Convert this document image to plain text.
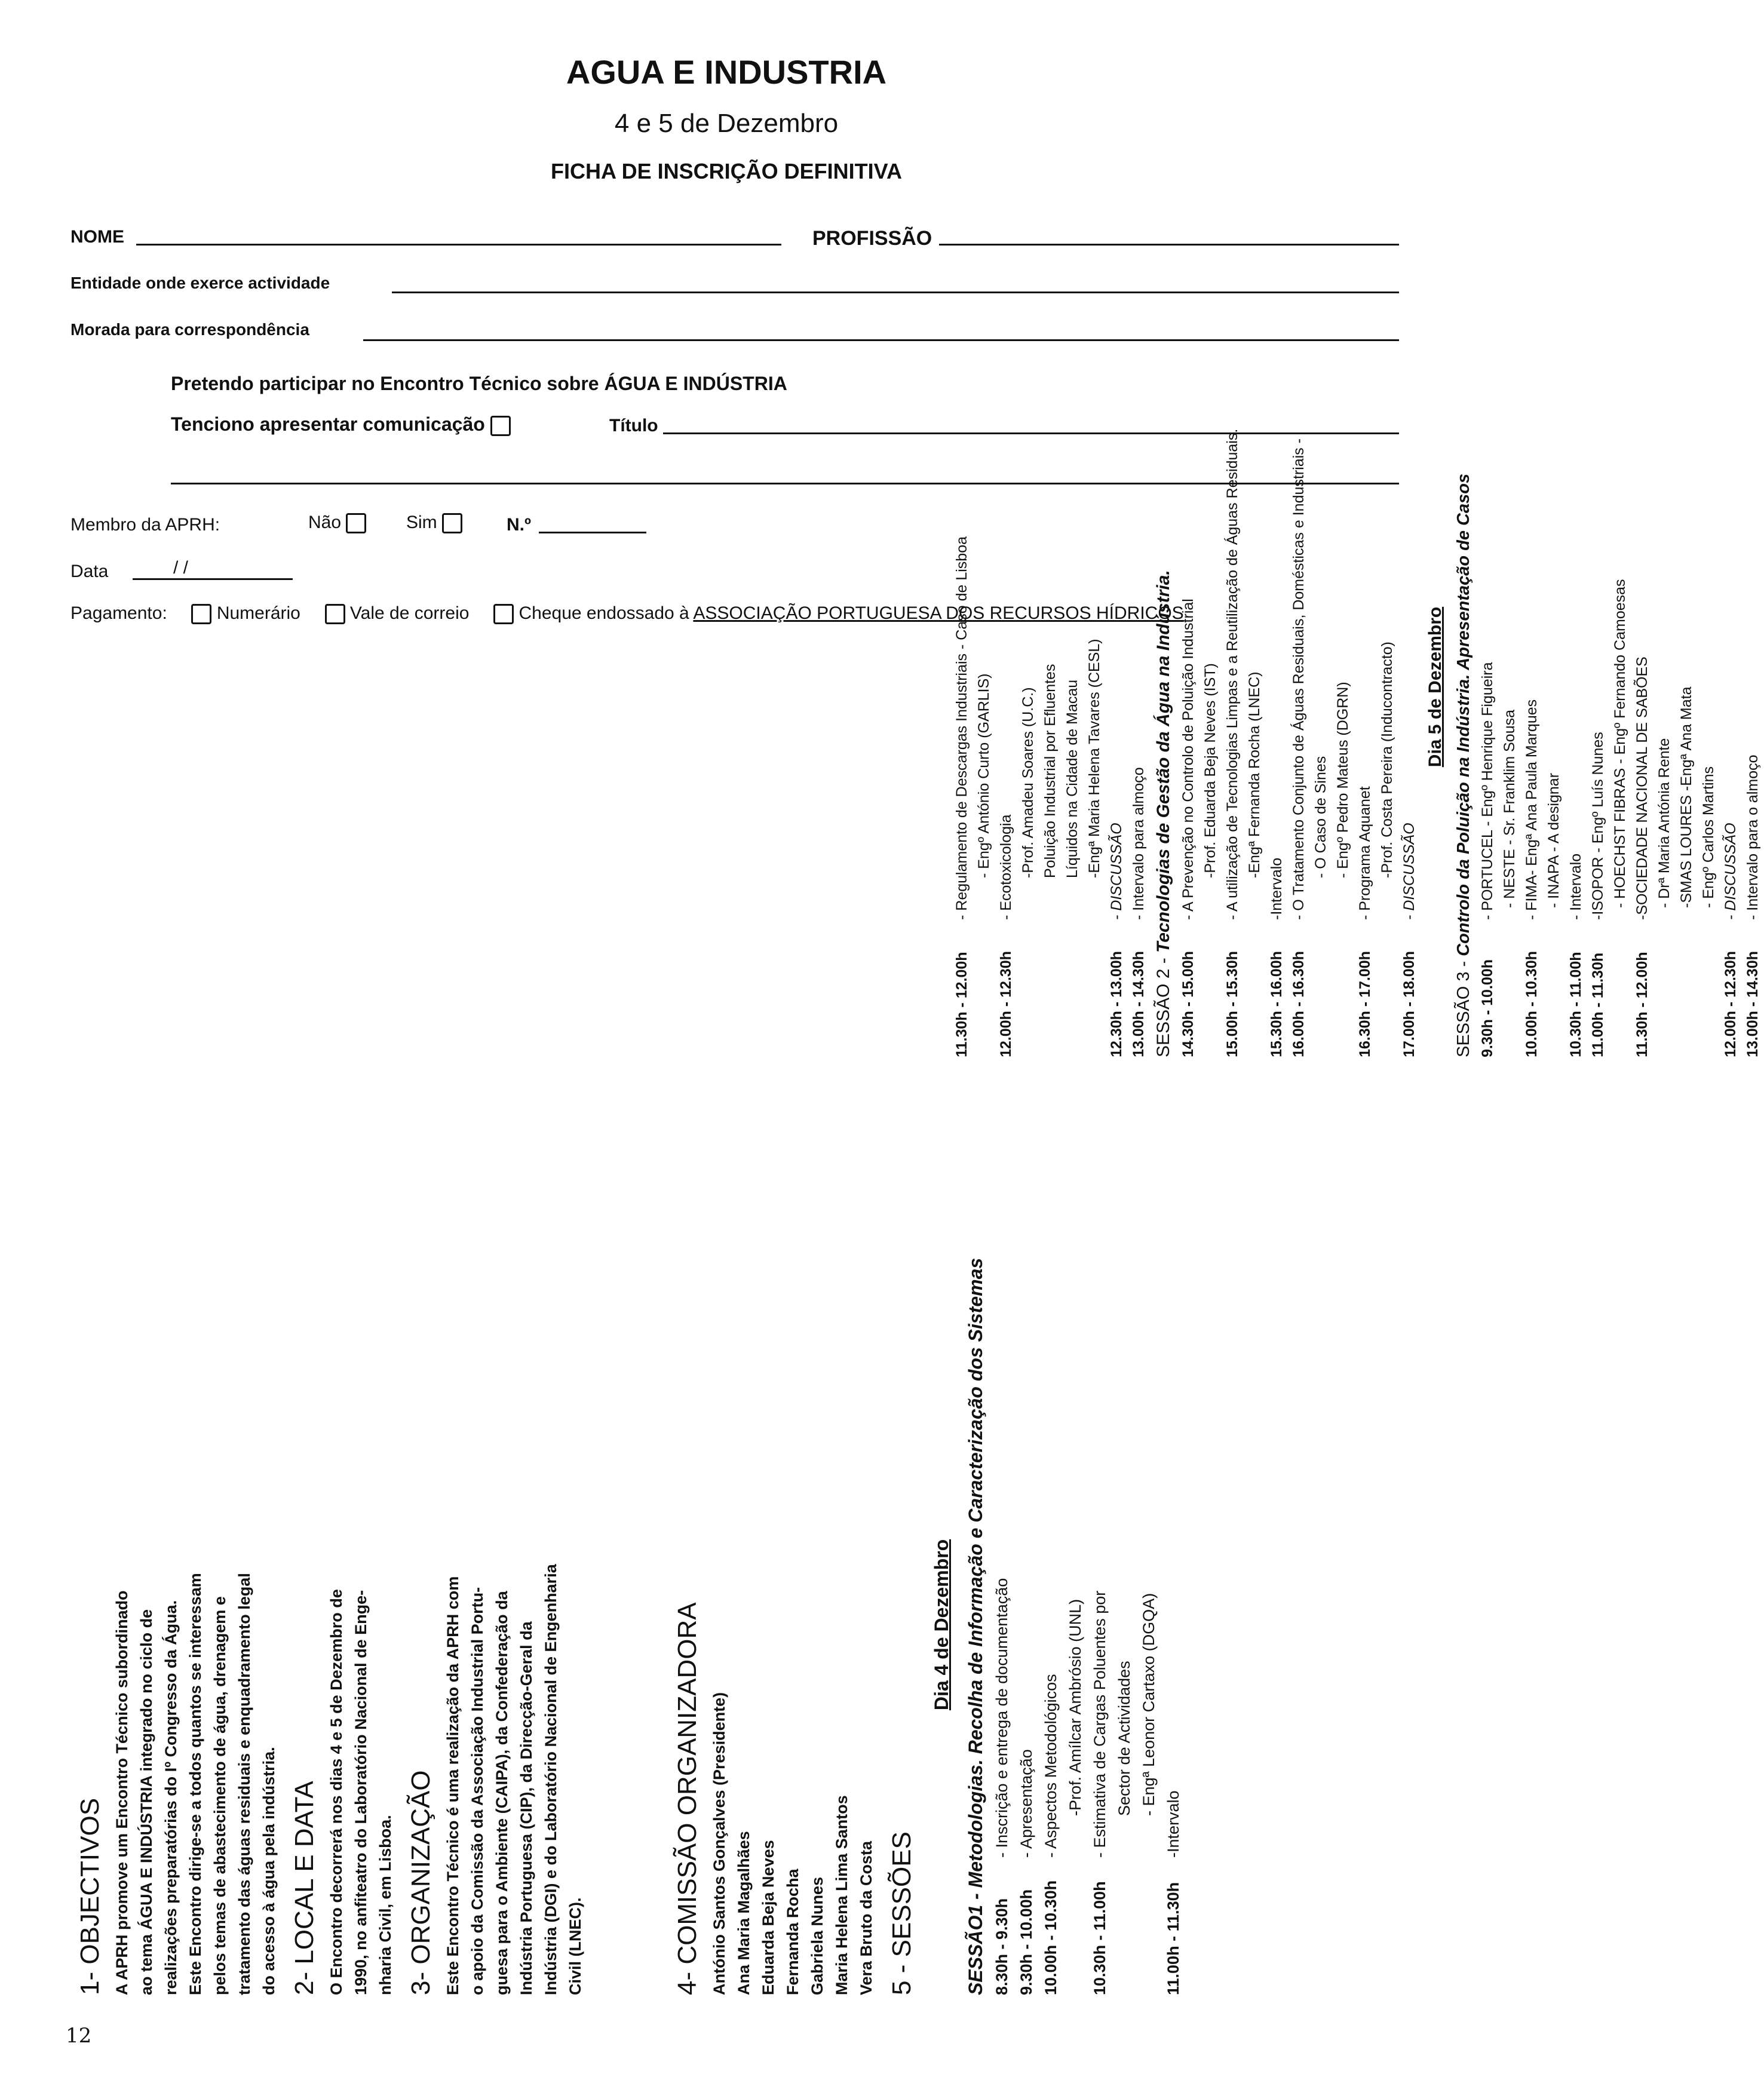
AGUA E INDUSTRIA
4 e 5 de Dezembro
FICHA DE INSCRIÇÃO DEFINITIVA
NOME	PROFISSÃO
Entidade onde exerce actividade
Morada para correspondência
Pretendo participar no Encontro Técnico sobre ÁGUA E INDÚSTRIA
Tenciono apresentar comunicação	Título
Membro da APRH:	Não	Sim	N.º
Data	/ /
Pagamento:	Numerário	Vale de correio	Cheque endossado à ASSOCIAÇÃO PORTUGUESA DOS RECURSOS HÍDRICOS
1- OBJECTIVOS A APRH promove um Encontro Técnico subordinado ao tema ÁGUA E INDÚSTRIA integrado no ciclo de realizações preparatórias do Iº Congresso da Água. Este Encontro dirige-se a todos quantos se interessam pelos temas de abastecimento de água, drenagem e tratamento das águas residuais e enquadramento legal do acesso à água pela indústria. 2- LOCAL E DATA O Encontro decorrerá nos dias 4 e 5 de Dezembro de 1990, no anfiteatro do Laboratório Nacional de Enge- nharia Civil, em Lisboa. 3- ORGANIZAÇÃO Este Encontro Técnico é uma realização da APRH com o apoio da Comissão da Associação Industrial Portu- guesa para o Ambiente (CAIPA), da Confederação da Indústria Portuguesa (CIP), da Direcção-Geral da Indústria (DGI) e do Laboratório Nacional de Engenharia Civil (LNEC).	4- COMISSÃO ORGANIZADORA António Santos Gonçalves (Presidente) Ana Maria Magalhães Eduarda Beja Neves Fernanda Rocha Gabriela Nunes Maria Helena Lima Santos Vera Bruto da Costa 5 - SESSÕES
Dia 4 de Dezembro SESSÃO1 - Metodologias. Recolha de Informação e Caracterização dos Sistemas 8.30h - 9.30h- Inscrição e entrega de documentação
9.30h - 10.00h- Apresentação
10.00h - 10.30h- Aspectos Metodológicos -Prof. Amílcar Ambrósio (UNL)
10.30h - 11.00h- Estimativa de Cargas Poluentes por Sector de Actividades - Engª Leonor Cartaxo (DGQA)
11.00h - 11.30h-Intervalo
11.30h - 12.00h- Regulamento de Descargas Industriais - Caso de Lisboa - Engº António Curto (GARLIS)
12.00h - 12.30h- Ecotoxicologia -Prof. Amadeu Soares (U.C.) Poluição Industrial por Efluentes Líquidos na Cidade de Macau -Engª Maria Helena Tavares (CESL)
12.30h - 13.00h- DISCUSSÃO
13.00h - 14.30h- Intervalo para almoço
SESSÃO 2 - Tecnologias de Gestão da Água na Indústria.
14.30h - 15.00h- A Prevenção no Controlo de Poluição Industrial -Prof. Eduarda Beja Neves (IST)
15.00h - 15.30h- A utilização de Tecnologias Limpas e a Reutilização de Águas Residuais. -Engª Fernanda Rocha (LNEC)
15.30h - 16.00h-Intervalo
16.00h - 16.30h- O Tratamento Conjunto de Águas Residuais, Domésticas e Industriais - - O Caso de Sines - Engº Pedro Mateus (DGRN)
16.30h - 17.00h- Programa Aquanet -Prof. Costa Pereira (Inducontracto)
17.00h - 18.00h- DISCUSSÃO
Dia 5 de Dezembro
SESSÃO 3 - Controlo da Poluição na Indústria. Apresentação de Casos
9.30h - 10.00h- PORTUCEL - Engº Henrique Figueira - NESTE - Sr. Franklim Sousa
10.00h - 10.30h- FIMA- Engª Ana Paula Marques - INAPA - A designar
10.30h - 11.00h- Intervalo
11.00h - 11.30h-ISOPOR - Engº Luís Nunes - HOECHST FIBRAS - Engº Fernando Camoesas
11.30h - 12.00h-SOCIEDADE NACIONAL DE SABÕES - Drª Maria Antónia Rente -SMAS LOURES -Engª Ana Mata - Engº Carlos Martins
12.00h - 12.30h- DISCUSSÃO
13.00h - 14.30h- Intervalo para o almoço
12
